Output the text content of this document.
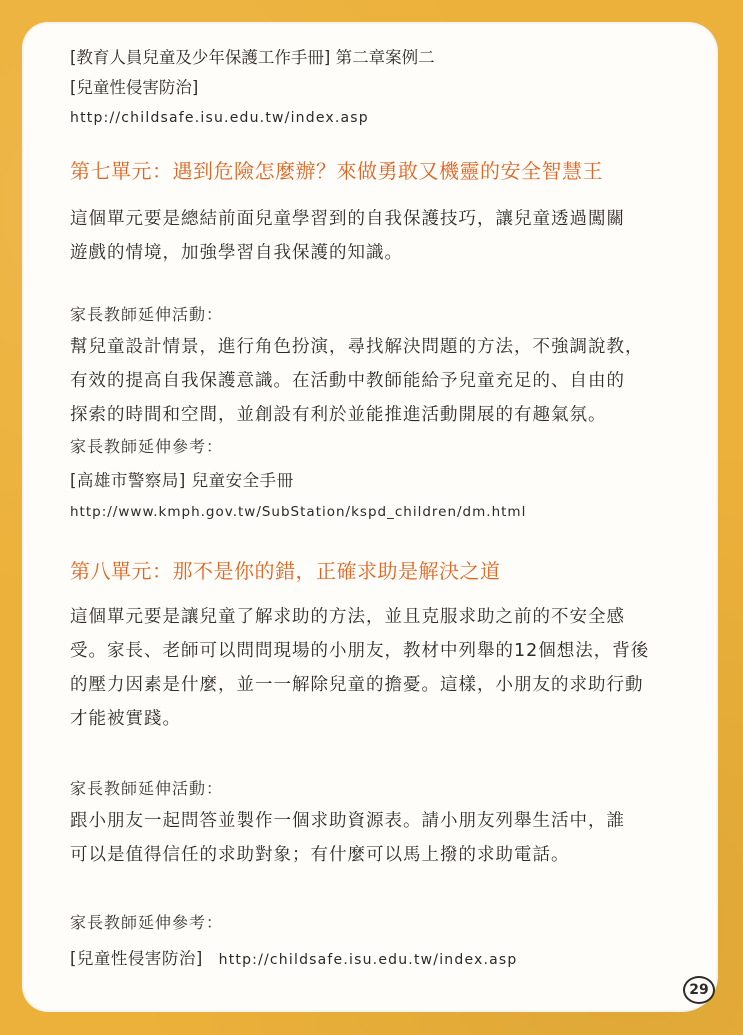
[教育人員兒童及少年保護工作手冊] 第二章案例二
[兒童性侵害防治]
http://childsafe.isu.edu.tw/index.asp
第七單元：遇到危險怎麼辦？來做勇敢又機靈的安全智慧王
這個單元要是總結前面兒童學習到的自我保護技巧，讓兒童透過闖關
遊戲的情境，加強學習自我保護的知識。
家長教師延伸活動：
幫兒童設計情景，進行角色扮演，尋找解決問題的方法，不強調說教，
有效的提高自我保護意識。在活動中教師能給予兒童充足的、自由的
探索的時間和空間，並創設有利於並能推進活動開展的有趣氣氛。
家長教師延伸參考：
[高雄市警察局] 兒童安全手冊
http://www.kmph.gov.tw/SubStation/kspd_children/dm.html
第八單元：那不是你的錯，正確求助是解決之道
這個單元要是讓兒童了解求助的方法，並且克服求助之前的不安全感
受。家長、老師可以問問現場的小朋友，教材中列舉的12個想法，背後
的壓力因素是什麼，並一一解除兒童的擔憂。這樣，小朋友的求助行動
才能被實踐。
家長教師延伸活動：
跟小朋友一起問答並製作一個求助資源表。請小朋友列舉生活中，誰
可以是值得信任的求助對象；有什麼可以馬上撥的求助電話。
家長教師延伸參考：
[兒童性侵害防治] http://childsafe.isu.edu.tw/index.asp
29
